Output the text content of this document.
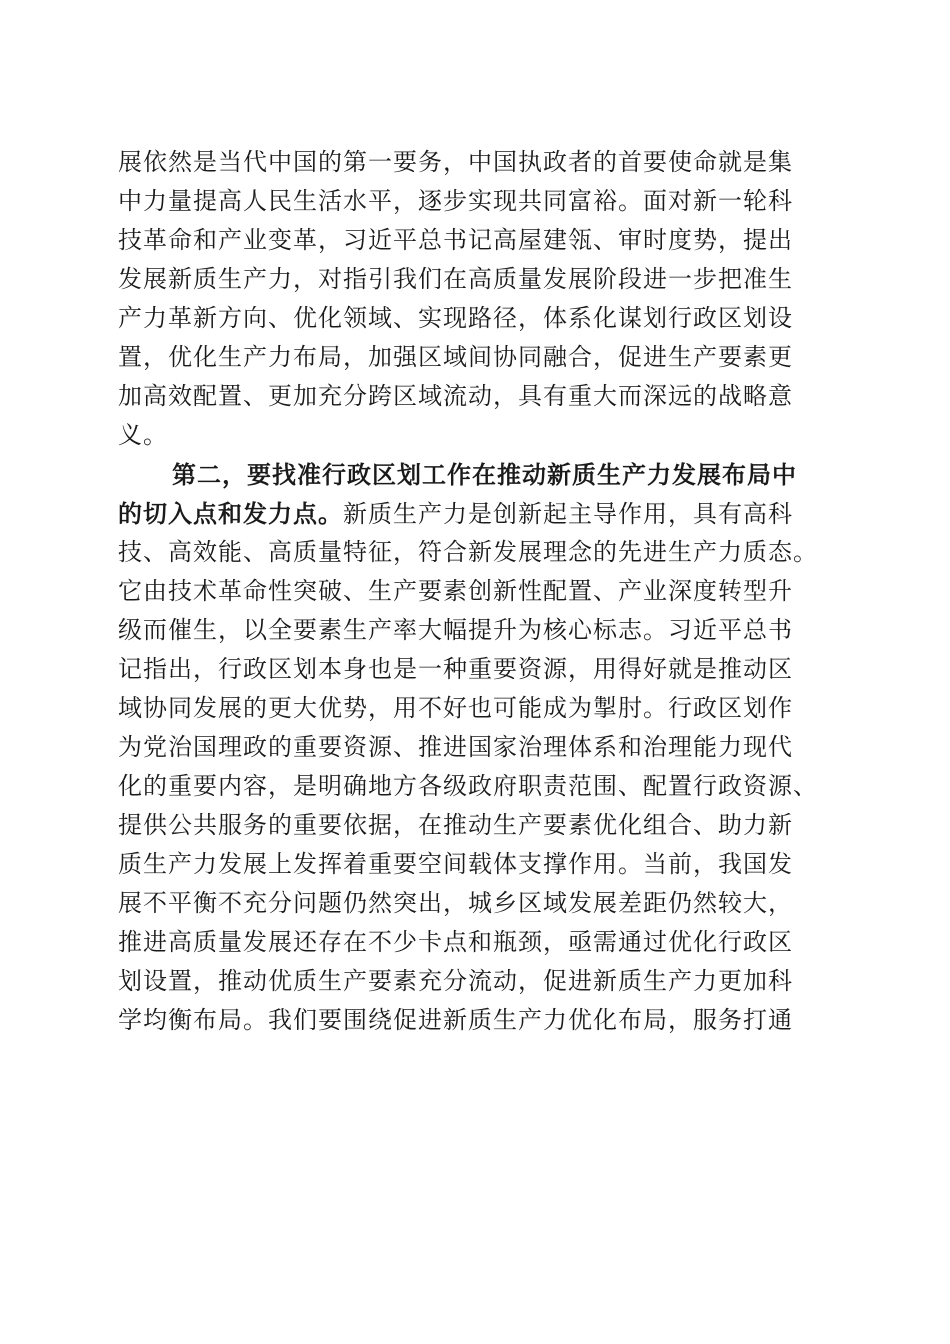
展依然是当代中国的第一要务，中国执政者的首要使命就是集

中力量提高人民生活水平，逐步实现共同富裕。面对新一轮科

技革命和产业变革，习近平总书记高屋建瓴、审时度势，提出

发展新质生产力，对指引我们在高质量发展阶段进一步把准生

产力革新方向、优化领域、实现路径，体系化谋划行政区划设

置，优化生产力布局，加强区域间协同融合，促进生产要素更

加高效配置、更加充分跨区域流动，具有重大而深远的战略意

义。

第二，要找准行政区划工作在推动新质生产力发展布局中

的切入点和发力点。新质生产力是创新起主导作用，具有高科

技、高效能、高质量特征，符合新发展理念的先进生产力质态。

它由技术革命性突破、生产要素创新性配置、产业深度转型升

级而催生，以全要素生产率大幅提升为核心标志。习近平总书

记指出，行政区划本身也是一种重要资源，用得好就是推动区

域协同发展的更大优势，用不好也可能成为掣肘。行政区划作

为党治国理政的重要资源、推进国家治理体系和治理能力现代

化的重要内容，是明确地方各级政府职责范围、配置行政资源、

提供公共服务的重要依据，在推动生产要素优化组合、助力新

质生产力发展上发挥着重要空间载体支撑作用。当前，我国发

展不平衡不充分问题仍然突出，城乡区域发展差距仍然较大，

推进高质量发展还存在不少卡点和瓶颈，亟需通过优化行政区

划设置，推动优质生产要素充分流动，促进新质生产力更加科

学均衡布局。我们要围绕促进新质生产力优化布局，服务打通
